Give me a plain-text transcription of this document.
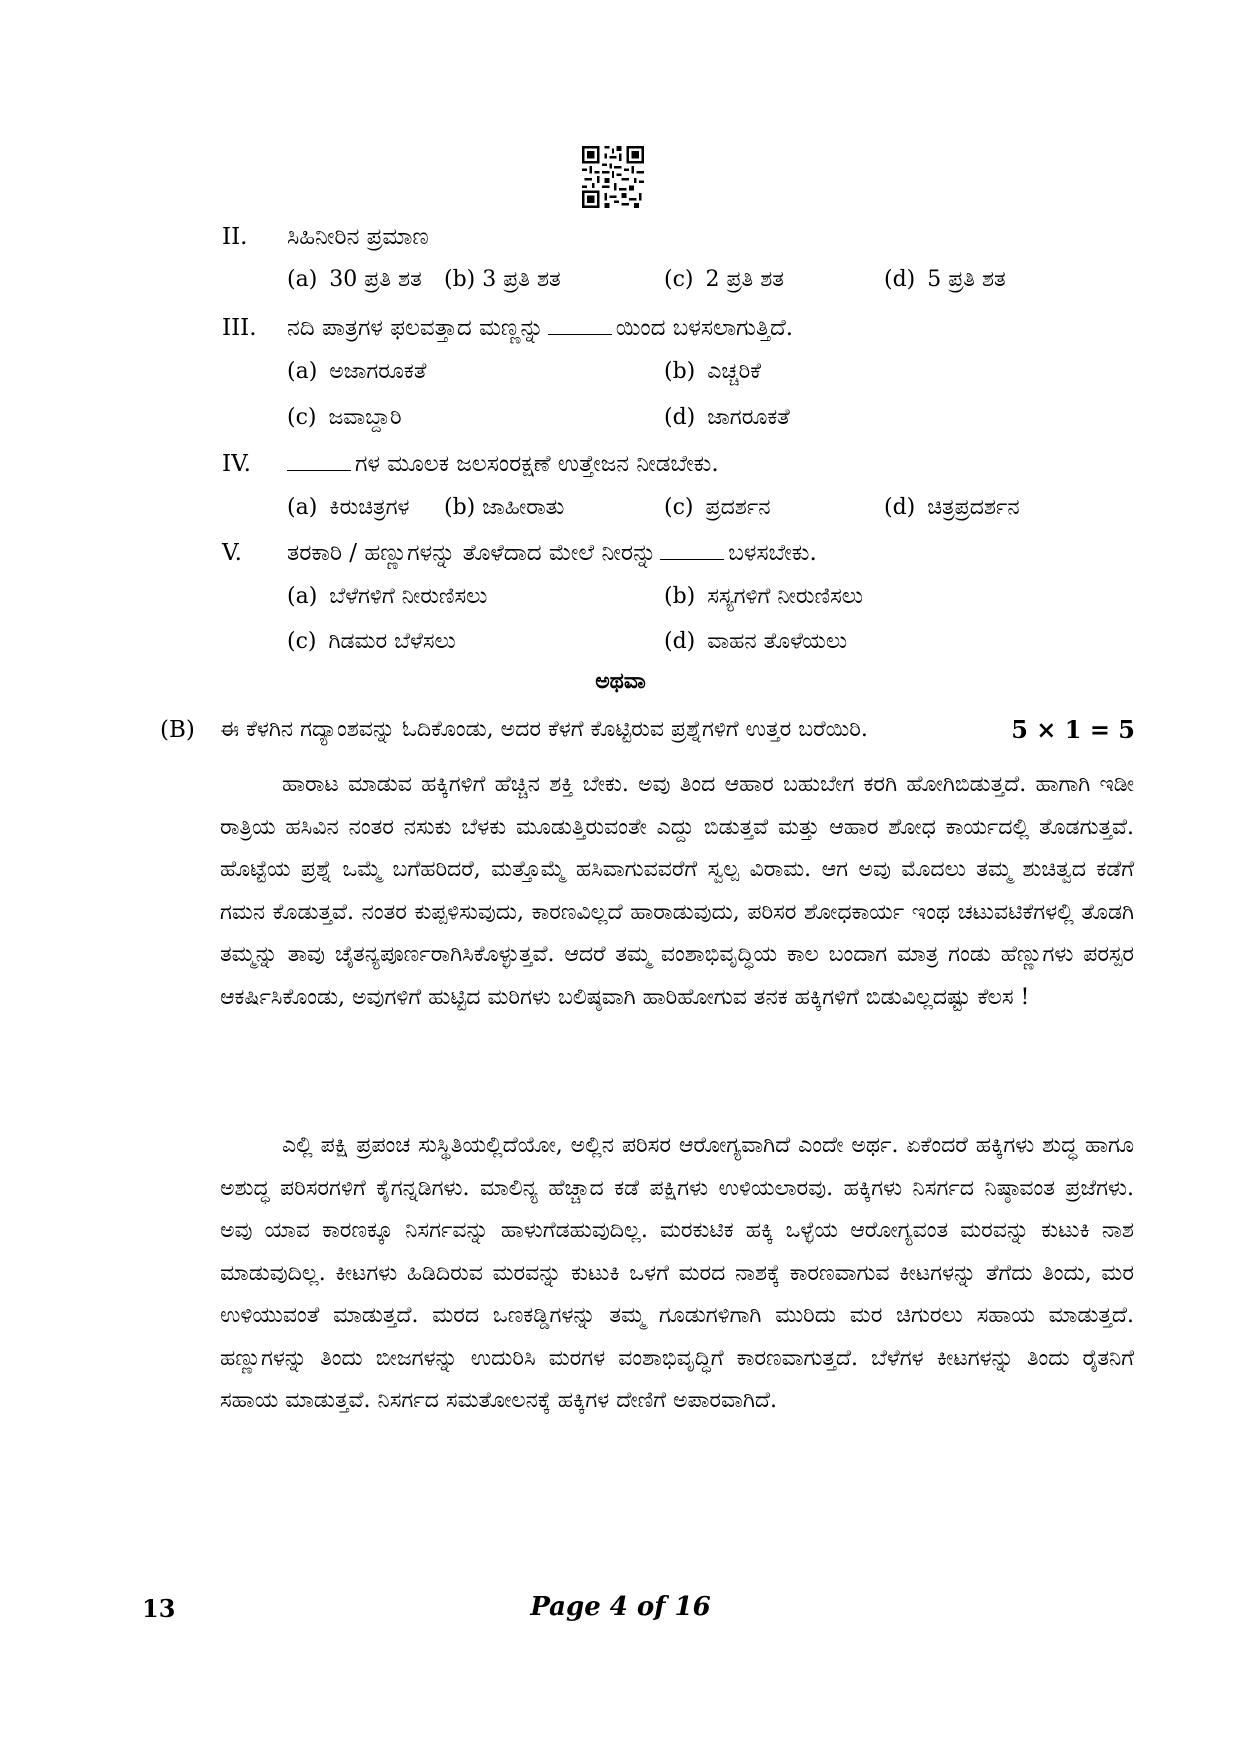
II. ಸಿಹಿನೀರಿನ ಪ್ರಮಾಣ
(a) 30 ಪ್ರತಿ ಶತ (b) 3 ಪ್ರತಿ ಶತ	(c) 2 ಪ್ರತಿ ಶತ	(d) 5 ಪ್ರತಿ ಶತ
III. ನದಿ ಪಾತ್ರಗಳ ಫಲವತ್ತಾದ ಮಣ್ಣನ್ನು	ಯಿಂದ ಬಳಸಲಾಗುತ್ತಿದೆ.
(a) ಅಜಾಗರೂಕತೆ	(b) ಎಚ್ಚರಿಕೆ
(c) ಜವಾಬ್ದಾರಿ	(d) ಜಾಗರೂಕತೆ
IV.	ಗಳ ಮೂಲಕ ಜಲಸಂರಕ್ಷಣೆ ಉತ್ತೇಜನ ನೀಡಬೇಕು.
(a) ಕಿರುಚಿತ್ರಗಳ (b) ಜಾಹೀರಾತು	(c) ಪ್ರದರ್ಶನ	(d) ಚಿತ್ರಪ್ರದರ್ಶನ
V. ತರಕಾರಿ / ಹಣ್ಣುಗಳನ್ನು ತೊಳೆದಾದ ಮೇಲೆ ನೀರನ್ನು	ಬಳಸಬೇಕು.
(a) ಬೆಳೆಗಳಿಗೆ ನೀರುಣಿಸಲು	(b) ಸಸ್ಯಗಳಿಗೆ ನೀರುಣಿಸಲು
(c) ಗಿಡಮರ ಬೆಳೆಸಲು	(d) ವಾಹನ ತೊಳೆಯಲು
ಅಥವಾ
(B) ಈ ಕೆಳಗಿನ ಗದ್ಯಾಂಶವನ್ನು ಓದಿಕೊಂಡು, ಅದರ ಕೆಳಗೆ ಕೊಟ್ಟಿರುವ ಪ್ರಶ್ನೆಗಳಿಗೆ ಉತ್ತರ ಬರೆಯಿರಿ.	5 × 1 = 5

ಹಾರಾಟ ಮಾಡುವ ಹಕ್ಕಿಗಳಿಗೆ ಹೆಚ್ಚಿನ ಶಕ್ತಿ ಬೇಕು. ಅವು ತಿಂದ ಆಹಾರ ಬಹುಬೇಗ ಕರಗಿ ಹೋಗಿಬಿಡುತ್ತದೆ. ಹಾಗಾಗಿ ಇಡೀ ರಾತ್ರಿಯ ಹಸಿವಿನ ನಂತರ ನಸುಕು ಬೆಳಕು ಮೂಡುತ್ತಿರುವಂತೇ ಎದ್ದು ಬಿಡುತ್ತವೆ ಮತ್ತು ಆಹಾರ ಶೋಧ ಕಾರ್ಯದಲ್ಲಿ ತೊಡಗುತ್ತವೆ. ಹೊಟ್ಟೆಯ ಪ್ರಶ್ನೆ ಒಮ್ಮೆ ಬಗೆಹರಿದರೆ, ಮತ್ತೊಮ್ಮೆ ಹಸಿವಾಗುವವರೆಗೆ ಸ್ವಲ್ಪ ವಿರಾಮ. ಆಗ ಅವು ಮೊದಲು ತಮ್ಮ ಶುಚಿತ್ವದ ಕಡೆಗೆ ಗಮನ ಕೊಡುತ್ತವೆ. ನಂತರ ಕುಪ್ಪಳಿಸುವುದು, ಕಾರಣವಿಲ್ಲದೆ ಹಾರಾಡುವುದು, ಪರಿಸರ ಶೋಧಕಾರ್ಯ ಇಂಥ ಚಟುವಟಿಕೆಗಳಲ್ಲಿ ತೊಡಗಿ ತಮ್ಮನ್ನು ತಾವು ಚೈತನ್ಯಪೂರ್ಣರಾಗಿಸಿಕೊಳ್ಳುತ್ತವೆ. ಆದರೆ ತಮ್ಮ ವಂಶಾಭಿವೃದ್ಧಿಯ ಕಾಲ ಬಂದಾಗ ಮಾತ್ರ ಗಂಡು ಹೆಣ್ಣುಗಳು ಪರಸ್ಪರ ಆಕರ್ಷಿಸಿಕೊಂಡು, ಅವುಗಳಿಗೆ ಹುಟ್ಟಿದ ಮರಿಗಳು ಬಲಿಷ್ಠವಾಗಿ ಹಾರಿಹೋಗುವ ತನಕ ಹಕ್ಕಿಗಳಿಗೆ ಬಿಡುವಿಲ್ಲದಷ್ಟು ಕೆಲಸ !

ಎಲ್ಲಿ ಪಕ್ಷಿ ಪ್ರಪಂಚ ಸುಸ್ಥಿತಿಯಲ್ಲಿದೆಯೋ, ಅಲ್ಲಿನ ಪರಿಸರ ಆರೋಗ್ಯವಾಗಿದೆ ಎಂದೇ ಅರ್ಥ. ಏಕೆಂದರೆ ಹಕ್ಕಿಗಳು ಶುದ್ಧ ಹಾಗೂ ಅಶುದ್ಧ ಪರಿಸರಗಳಿಗೆ ಕೈಗನ್ನಡಿಗಳು. ಮಾಲಿನ್ಯ ಹೆಚ್ಚಾದ ಕಡೆ ಪಕ್ಷಿಗಳು ಉಳಿಯಲಾರವು. ಹಕ್ಕಿಗಳು ನಿಸರ್ಗದ ನಿಷ್ಠಾವಂತ ಪ್ರಜೆಗಳು. ಅವು ಯಾವ ಕಾರಣಕ್ಕೂ ನಿಸರ್ಗವನ್ನು ಹಾಳುಗೆಡಹುವುದಿಲ್ಲ. ಮರಕುಟಿಕ ಹಕ್ಕಿ ಒಳ್ಳೆಯ ಆರೋಗ್ಯವಂತ ಮರವನ್ನು ಕುಟುಕಿ ನಾಶ ಮಾಡುವುದಿಲ್ಲ. ಕೀಟಗಳು ಹಿಡಿದಿರುವ ಮರವನ್ನು ಕುಟುಕಿ ಒಳಗೆ ಮರದ ನಾಶಕ್ಕೆ ಕಾರಣವಾಗುವ ಕೀಟಗಳನ್ನು ತೆಗೆದು ತಿಂದು, ಮರ ಉಳಿಯುವಂತೆ ಮಾಡುತ್ತದೆ. ಮರದ ಒಣಕಡ್ಡಿಗಳನ್ನು ತಮ್ಮ ಗೂಡುಗಳಿಗಾಗಿ ಮುರಿದು ಮರ ಚಿಗುರಲು ಸಹಾಯ ಮಾಡುತ್ತದೆ. ಹಣ್ಣುಗಳನ್ನು ತಿಂದು ಬೀಜಗಳನ್ನು ಉದುರಿಸಿ ಮರಗಳ ವಂಶಾಭಿವೃದ್ಧಿಗೆ ಕಾರಣವಾಗುತ್ತದೆ. ಬೆಳೆಗಳ ಕೀಟಗಳನ್ನು ತಿಂದು ರೈತನಿಗೆ ಸಹಾಯ ಮಾಡುತ್ತವೆ. ನಿಸರ್ಗದ ಸಮತೋಲನಕ್ಕೆ ಹಕ್ಕಿಗಳ ದೇಣಿಗೆ ಅಪಾರವಾಗಿದೆ.

13	Page 4 of 16
